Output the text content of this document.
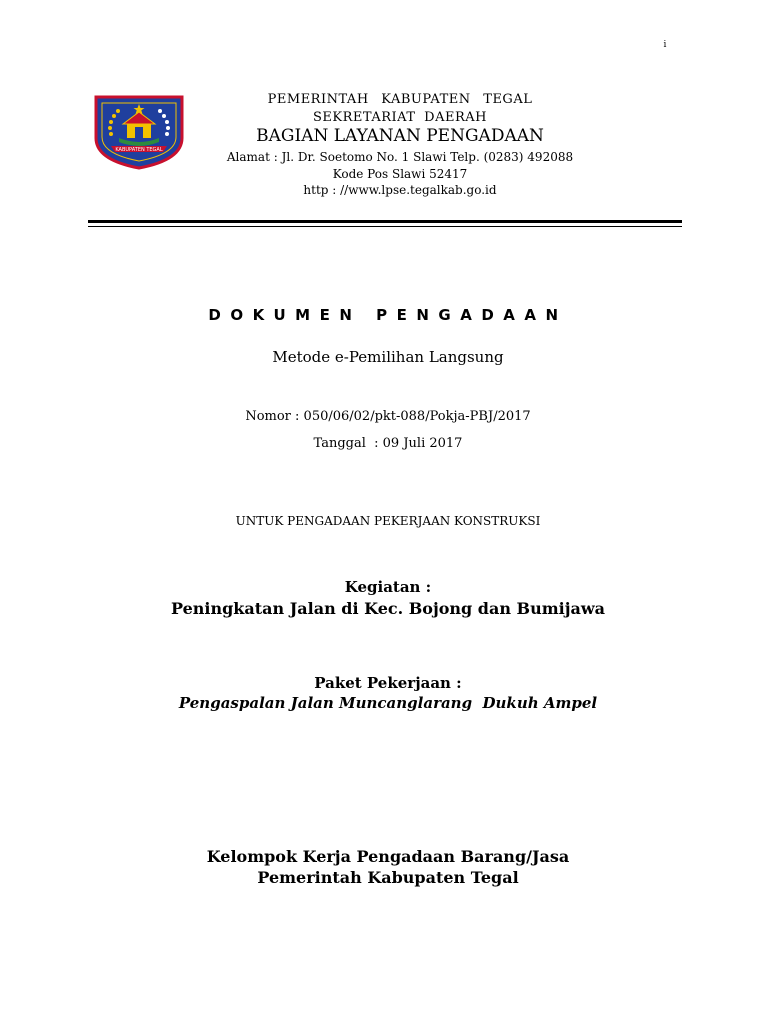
i
KABUPATEN TEGAL
PEMERINTAH KABUPATEN TEGAL
SEKRETARIAT DAERAH
BAGIAN LAYANAN PENGADAAN
Alamat : Jl. Dr. Soetomo No. 1 Slawi Telp. (0283) 492088
Kode Pos Slawi 52417
http : //www.lpse.tegalkab.go.id
DOKUMEN PENGADAAN
Metode e-Pemilihan Langsung
Nomor : 050/06/02/pkt-088/Pokja-PBJ/2017
Tanggal  : 09 Juli 2017
UNTUK PENGADAAN PEKERJAAN KONSTRUKSI
Kegiatan :
Peningkatan Jalan di Kec. Bojong dan Bumijawa
Paket Pekerjaan :
Pengaspalan Jalan Muncanglarang  Dukuh Ampel
Kelompok Kerja Pengadaan Barang/Jasa
Pemerintah Kabupaten Tegal
